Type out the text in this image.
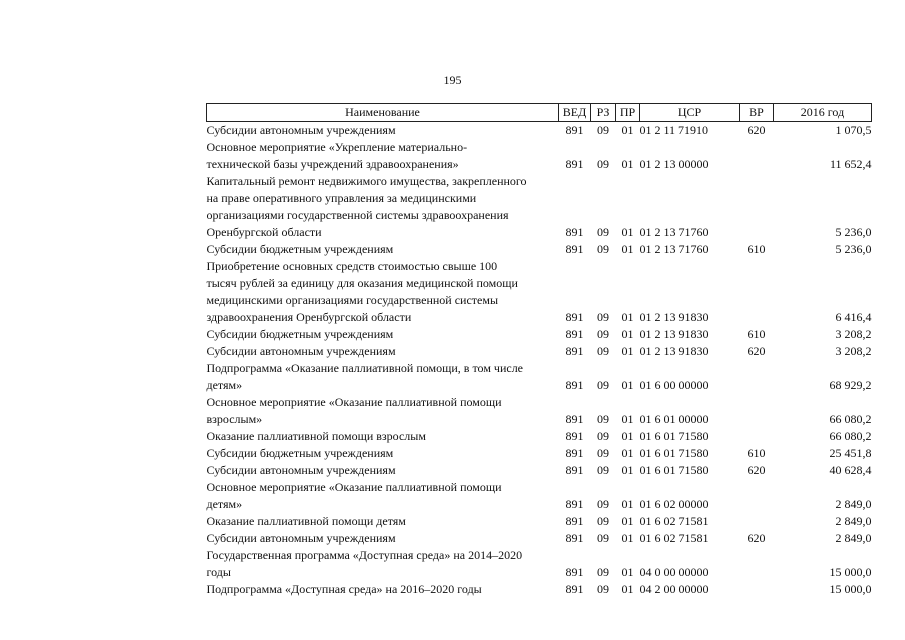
195
Наименование	ВЕД	РЗ	ПР	ЦСР	ВР	2016 год
Субсидии автономным учреждениям	891	09	01	01 2 11 71910	620	1 070,5
Основное мероприятие «Укрепление материально-
технической базы учреждений здравоохранения»	891	09	01	01 2 13 00000		11 652,4
Капитальный ремонт недвижимого имущества, закрепленного
на праве оперативного управления за медицинскими
организациями государственной системы здравоохранения
Оренбургской области	891	09	01	01 2 13 71760		5 236,0
Субсидии бюджетным учреждениям	891	09	01	01 2 13 71760	610	5 236,0
Приобретение основных средств стоимостью свыше 100
тысяч рублей за единицу для оказания медицинской помощи
медицинскими организациями государственной системы
здравоохранения Оренбургской области	891	09	01	01 2 13 91830		6 416,4
Субсидии бюджетным учреждениям	891	09	01	01 2 13 91830	610	3 208,2
Субсидии автономным учреждениям	891	09	01	01 2 13 91830	620	3 208,2
Подпрограмма «Оказание паллиативной помощи, в том числе
детям»	891	09	01	01 6 00 00000		68 929,2
Основное мероприятие «Оказание паллиативной помощи
взрослым»	891	09	01	01 6 01 00000		66 080,2
Оказание паллиативной помощи взрослым	891	09	01	01 6 01 71580		66 080,2
Субсидии бюджетным учреждениям	891	09	01	01 6 01 71580	610	25 451,8
Субсидии автономным учреждениям	891	09	01	01 6 01 71580	620	40 628,4
Основное мероприятие «Оказание паллиативной помощи
детям»	891	09	01	01 6 02 00000		2 849,0
Оказание паллиативной помощи детям	891	09	01	01 6 02 71581		2 849,0
Субсидии автономным учреждениям	891	09	01	01 6 02 71581	620	2 849,0
Государственная программа «Доступная среда» на 2014–2020
годы	891	09	01	04 0 00 00000		15 000,0
Подпрограмма «Доступная среда» на 2016–2020 годы	891	09	01	04 2 00 00000		15 000,0
